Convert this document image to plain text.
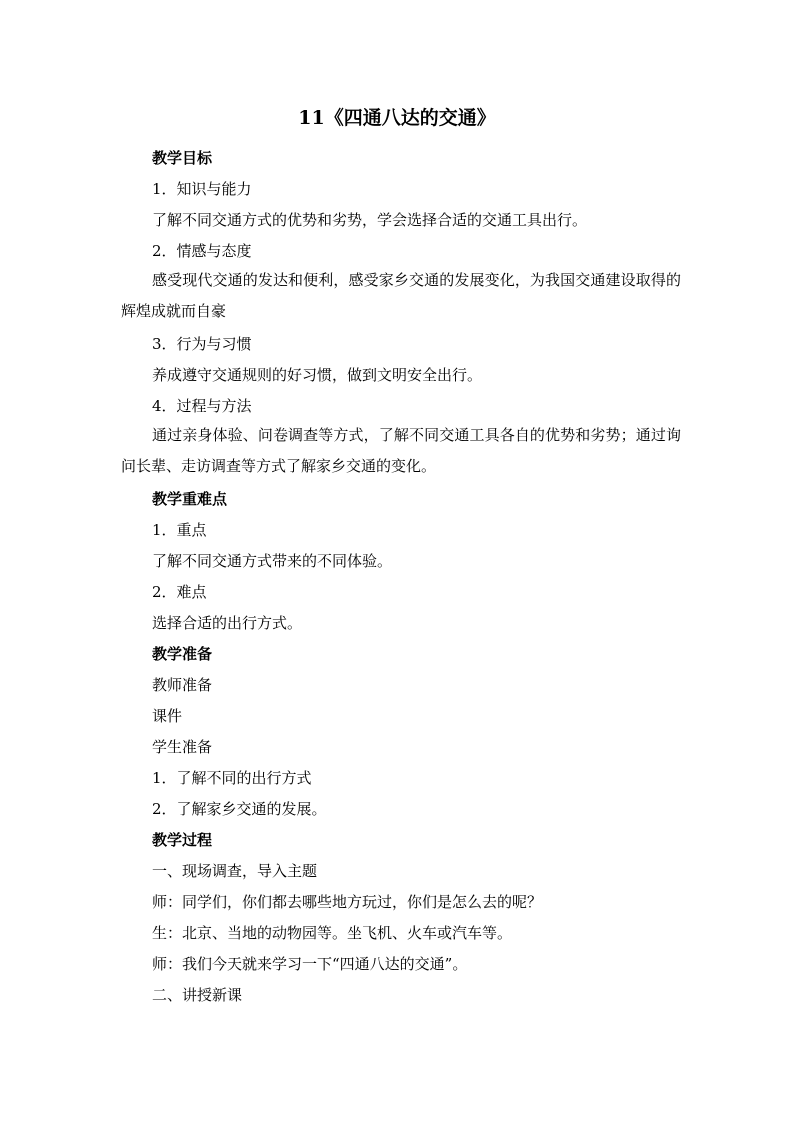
11《四通八达的交通》
教学目标
1．知识与能力
了解不同交通方式的优势和劣势，学会选择合适的交通工具出行。
2．情感与态度

感受现代交通的发达和便利，感受家乡交通的发展变化，为我国交通建设取得的辉煌成就而自豪

3．行为与习惯
养成遵守交通规则的好习惯，做到文明安全出行。
4．过程与方法

通过亲身体验、问卷调查等方式，了解不同交通工具各自的优势和劣势；通过询问长辈、走访调查等方式了解家乡交通的变化。

教学重难点
1．重点
了解不同交通方式带来的不同体验。
2．难点
选择合适的出行方式。
教学准备
教师准备
课件
学生准备
1．了解不同的出行方式
2．了解家乡交通的发展。
教学过程
一、现场调查，导入主题
师：同学们，你们都去哪些地方玩过，你们是怎么去的呢？
生：北京、当地的动物园等。坐飞机、火车或汽车等。
师：我们今天就来学习一下“四通八达的交通”。
二、讲授新课
